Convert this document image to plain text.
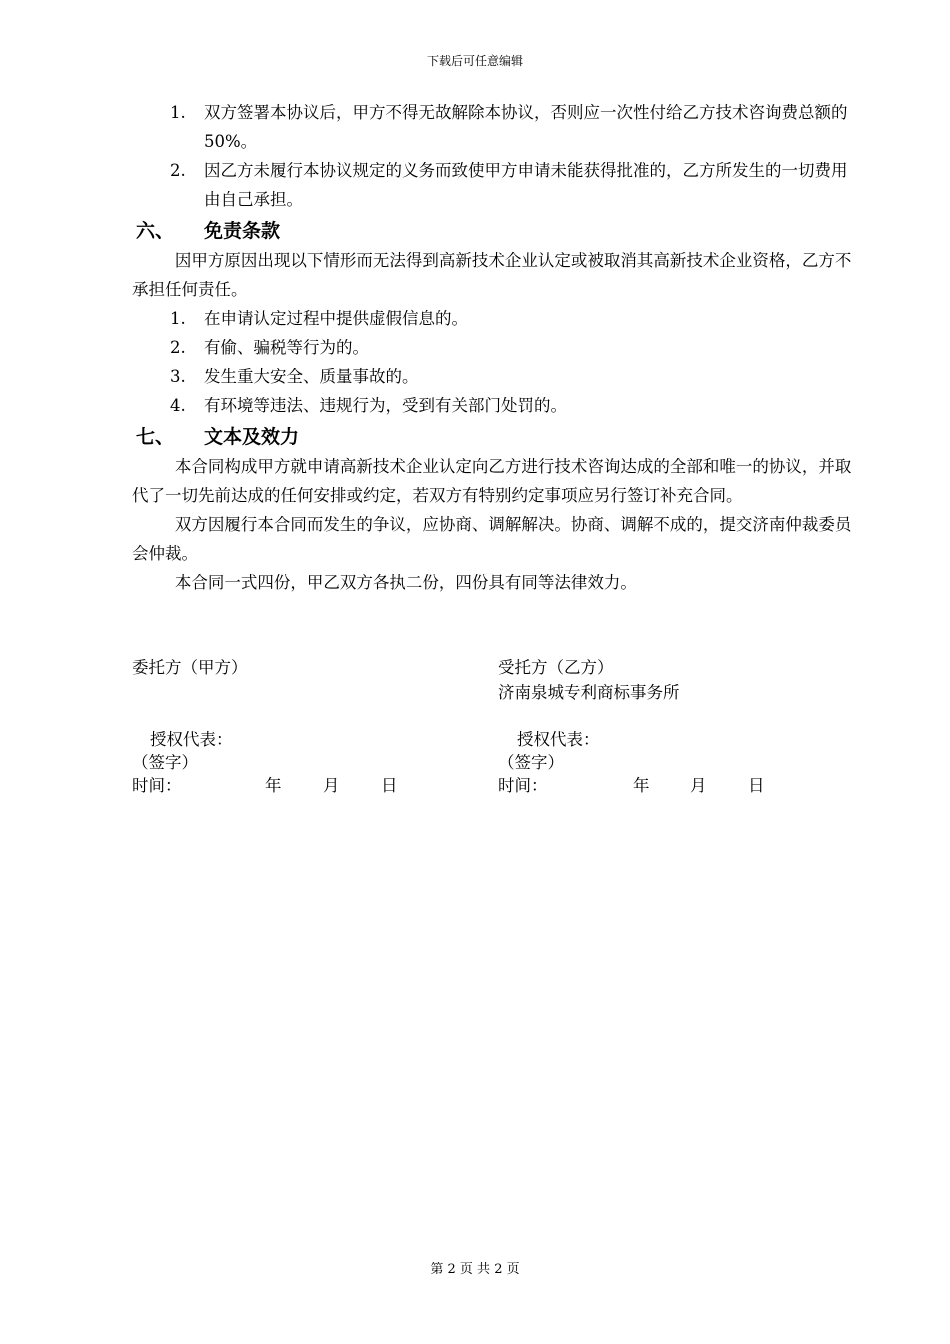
下载后可任意编辑
1. 双方签署本协议后，甲方不得无故解除本协议，否则应一次性付给乙方技术咨询费总额的 50%。
2. 因乙方未履行本协议规定的义务而致使甲方申请未能获得批准的，乙方所发生的一切费用由自己承担。
六、 免责条款
因甲方原因出现以下情形而无法得到高新技术企业认定或被取消其高新技术企业资格，乙方不承担任何责任。
1. 在申请认定过程中提供虚假信息的。
2. 有偷、骗税等行为的。
3. 发生重大安全、质量事故的。
4. 有环境等违法、违规行为，受到有关部门处罚的。
七、 文本及效力
本合同构成甲方就申请高新技术企业认定向乙方进行技术咨询达成的全部和唯一的协议，并取代了一切先前达成的任何安排或约定，若双方有特别约定事项应另行签订补充合同。
双方因履行本合同而发生的争议，应协商、调解解决。协商、调解不成的，提交济南仲裁委员会仲裁。
本合同一式四份，甲乙双方各执二份，四份具有同等法律效力。
委托方（甲方）
授权代表：
（签字）
时间：	年	月	日
受托方（乙方）
济南泉城专利商标事务所
授权代表：
（签字）
时间：	年 月	日
第 2 页 共 2 页
